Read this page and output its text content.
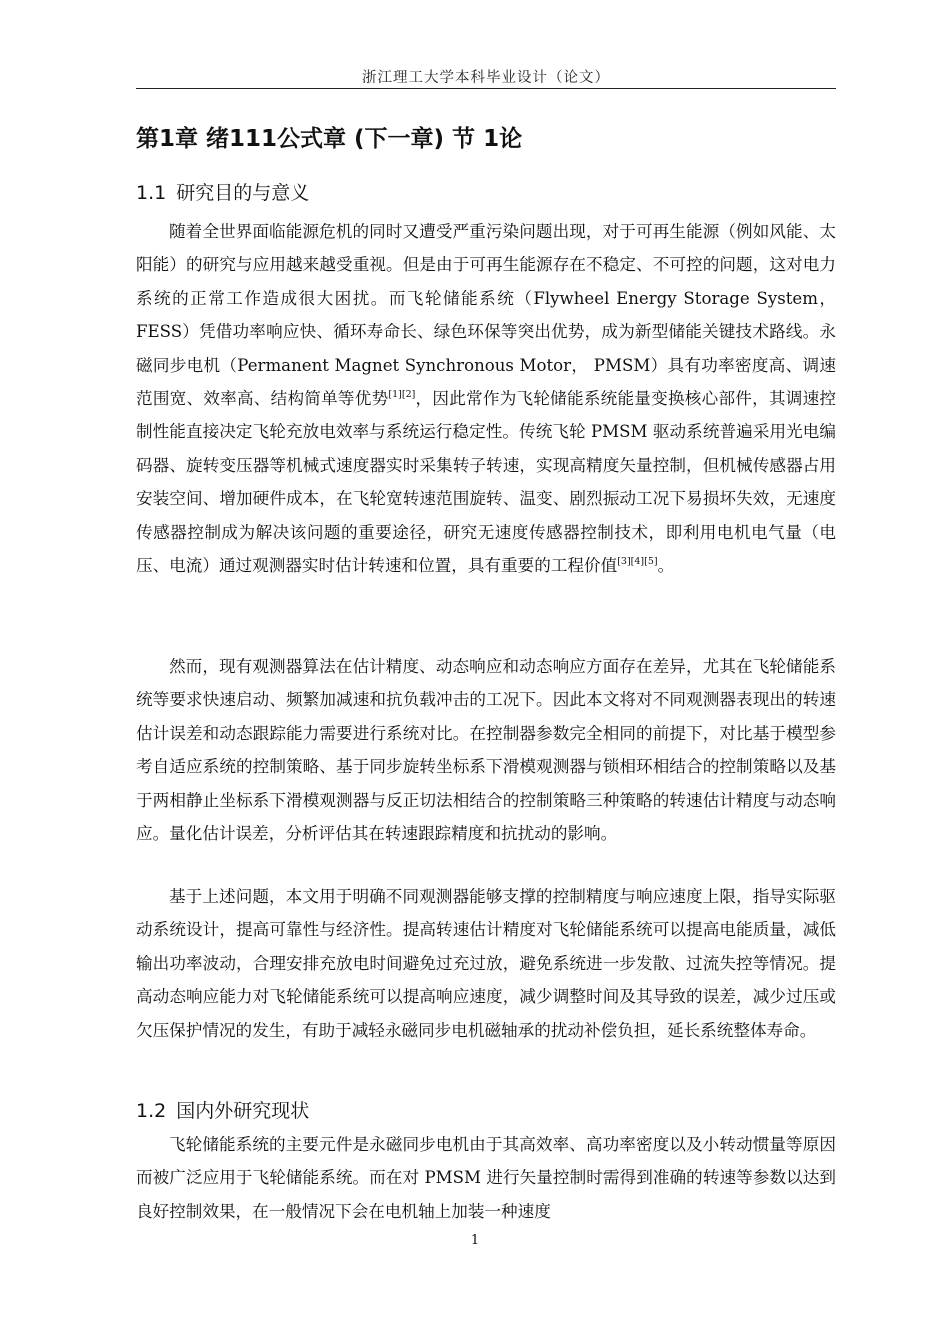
浙江理工大学本科毕业设计（论文）
第1章 绪111公式章 (下一章) 节 1论
1.1 研究目的与意义

随着全世界面临能源危机的同时又遭受严重污染问题出现，对于可再生能源（例如风能、太阳能）的研究与应用越来越受重视。但是由于可再生能源存在不稳定、不可控的问题，这对电力系统的正常工作造成很大困扰。而飞轮储能系统（Flywheel Energy Storage System，FESS）凭借功率响应快、循环寿命长、绿色环保等突出优势，成为新型储能关键技术路线。永磁同步电机（Permanent Magnet Synchronous Motor， PMSM）具有功率密度高、调速范围宽、效率高、结构简单等优势[1][2]，因此常作为飞轮储能系统能量变换核心部件，其调速控制性能直接决定飞轮充放电效率与系统运行稳定性。传统飞轮 PMSM 驱动系统普遍采用光电编码器、旋转变压器等机械式速度器实时采集转子转速，实现高精度矢量控制，但机械传感器占用安装空间、增加硬件成本，在飞轮宽转速范围旋转、温变、剧烈振动工况下易损坏失效，无速度传感器控制成为解决该问题的重要途径，研究无速度传感器控制技术，即利用电机电气量（电压、电流）通过观测器实时估计转速和位置，具有重要的工程价值[3][4][5]。

然而，现有观测器算法在估计精度、动态响应和动态响应方面存在差异，尤其在飞轮储能系统等要求快速启动、频繁加减速和抗负载冲击的工况下。因此本文将对不同观测器表现出的转速估计误差和动态跟踪能力需要进行系统对比。在控制器参数完全相同的前提下，对比基于模型参考自适应系统的控制策略、基于同步旋转坐标系下滑模观测器与锁相环相结合的控制策略以及基于两相静止坐标系下滑模观测器与反正切法相结合的控制策略三种策略的转速估计精度与动态响应。量化估计误差，分析评估其在转速跟踪精度和抗扰动的影响。

基于上述问题，本文用于明确不同观测器能够支撑的控制精度与响应速度上限，指导实际驱动系统设计，提高可靠性与经济性。提高转速估计精度对飞轮储能系统可以提高电能质量，减低输出功率波动，合理安排充放电时间避免过充过放，避免系统进一步发散、过流失控等情况。提高动态响应能力对飞轮储能系统可以提高响应速度，减少调整时间及其导致的误差，减少过压或欠压保护情况的发生，有助于减轻永磁同步电机磁轴承的扰动补偿负担，延长系统整体寿命。

1.2 国内外研究现状

飞轮储能系统的主要元件是永磁同步电机由于其高效率、高功率密度以及小转动惯量等原因而被广泛应用于飞轮储能系统。而在对 PMSM 进行矢量控制时需得到准确的转速等参数以达到良好控制效果，在一般情况下会在电机轴上加装一种速度

1
